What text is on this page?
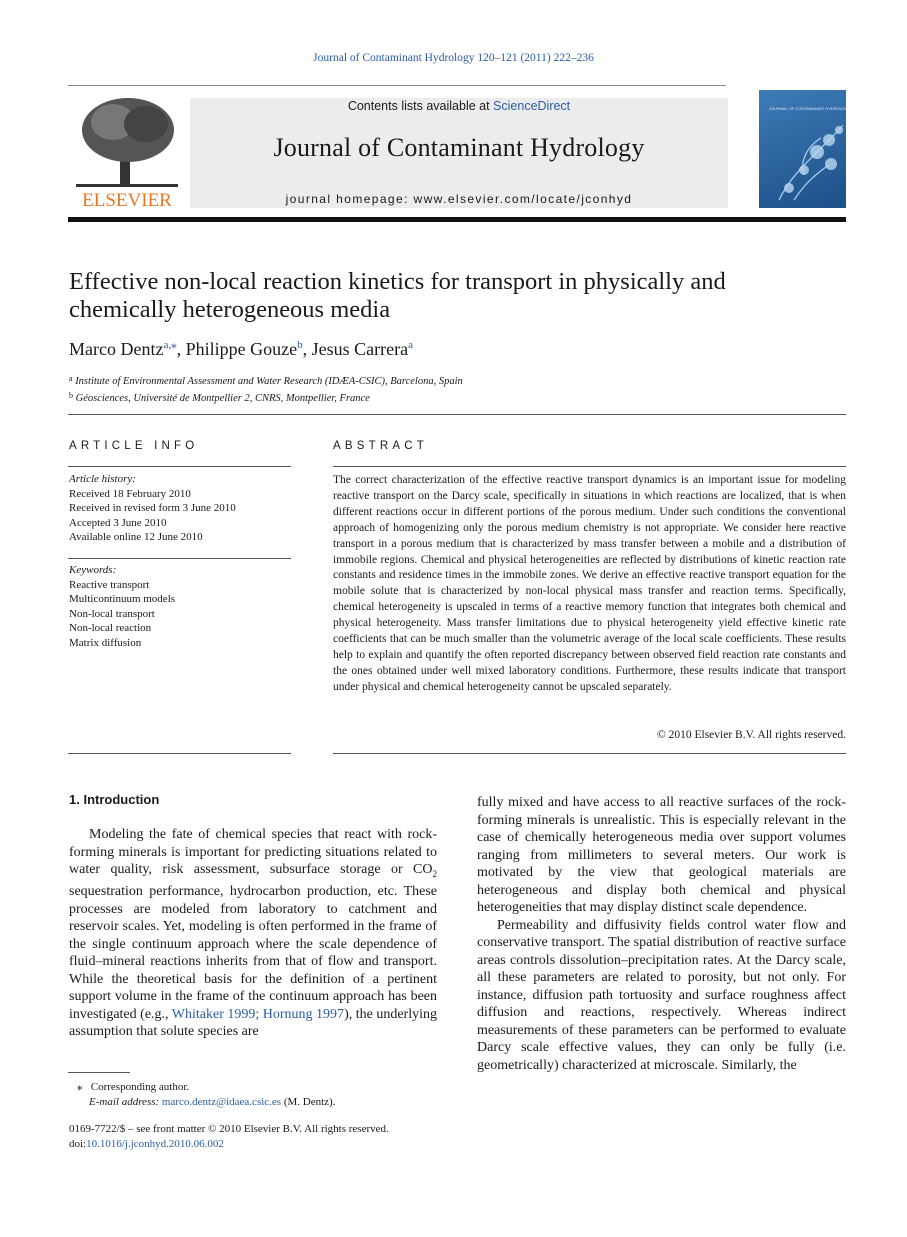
Journal of Contaminant Hydrology 120–121 (2011) 222–236
ELSEVIER
Contents lists available at ScienceDirect
Journal of Contaminant Hydrology
journal homepage: www.elsevier.com/locate/jconhyd
JOURNAL OF CONTAMINANT HYDROLOGY
Effective non-local reaction kinetics for transport in physically and chemically heterogeneous media
Marco Dentz$^{a,⁎}$, Philippe Gouze$^b$, Jesus Carrera$^a$
$^a$ Institute of Environmental Assessment and Water Research (IDÆA-CSIC), Barcelona, Spain
$^b$ Géosciences, Université de Montpellier 2, CNRS, Montpellier, France
ARTICLE INFO
Article history:
Received 18 February 2010
Received in revised form 3 June 2010
Accepted 3 June 2010
Available online 12 June 2010
Keywords:
Reactive transport
Multicontinuum models
Non-local transport
Non-local reaction
Matrix diffusion
ABSTRACT
The correct characterization of the effective reactive transport dynamics is an important issue for modeling reactive transport on the Darcy scale, specifically in situations in which reactions are localized, that is when different reactions occur in different portions of the porous medium. Under such conditions the conventional approach of homogenizing only the porous medium chemistry is not appropriate. We consider here reactive transport in a porous medium that is characterized by mass transfer between a mobile and a distribution of immobile regions. Chemical and physical heterogeneities are reflected by distributions of kinetic reaction rate constants and residence times in the immobile zones. We derive an effective reactive transport equation for the mobile solute that is characterized by non-local physical mass transfer and reaction terms. Specifically, chemical heterogeneity is upscaled in terms of a reactive memory function that integrates both chemical and physical heterogeneity. Mass transfer limitations due to physical heterogeneity yield effective kinetic rate coefficients that can be much smaller than the volumetric average of the local scale coefficients. These results help to explain and quantify the often reported discrepancy between observed field reaction rate constants and the ones obtained under well mixed laboratory conditions. Furthermore, these results indicate that transport under physical and chemical heterogeneity cannot be upscaled separately.
© 2010 Elsevier B.V. All rights reserved.
1. Introduction
Modeling the fate of chemical species that react with rock-forming minerals is important for predicting situations related to water quality, risk assessment, subsurface storage or $CO_2$ sequestration performance, hydrocarbon production, etc. These processes are modeled from laboratory to catchment and reservoir scales. Yet, modeling is often performed in the frame of the single continuum approach where the scale dependence of fluid–mineral reactions inherits from that of flow and transport. While the theoretical basis for the definition of a pertinent support volume in the frame of the continuum approach has been investigated (e.g., Whitaker 1999; Hornung 1997), the underlying assumption that solute species are
fully mixed and have access to all reactive surfaces of the rock-forming minerals is unrealistic. This is especially relevant in the case of chemically heterogeneous media over support volumes ranging from millimeters to several meters. Our work is motivated by the view that geological materials are heterogeneous and display both chemical and physical heterogeneities that may display distinct scale dependence.
Permeability and diffusivity fields control water flow and conservative transport. The spatial distribution of reactive surface areas controls dissolution–precipitation rates. At the Darcy scale, all these parameters are related to porosity, but not only. For instance, diffusion path tortuosity and surface roughness affect diffusion and reactions, respectively. Whereas indirect measurements of these parameters can be performed to evaluate Darcy scale effective values, they can only be fully (i.e. geometrically) characterized at microscale. Similarly, the
⁎ Corresponding author.
E-mail address: marco.dentz@idaea.csic.es (M. Dentz).
0169-7722/$ – see front matter © 2010 Elsevier B.V. All rights reserved.
doi:10.1016/j.jconhyd.2010.06.002
